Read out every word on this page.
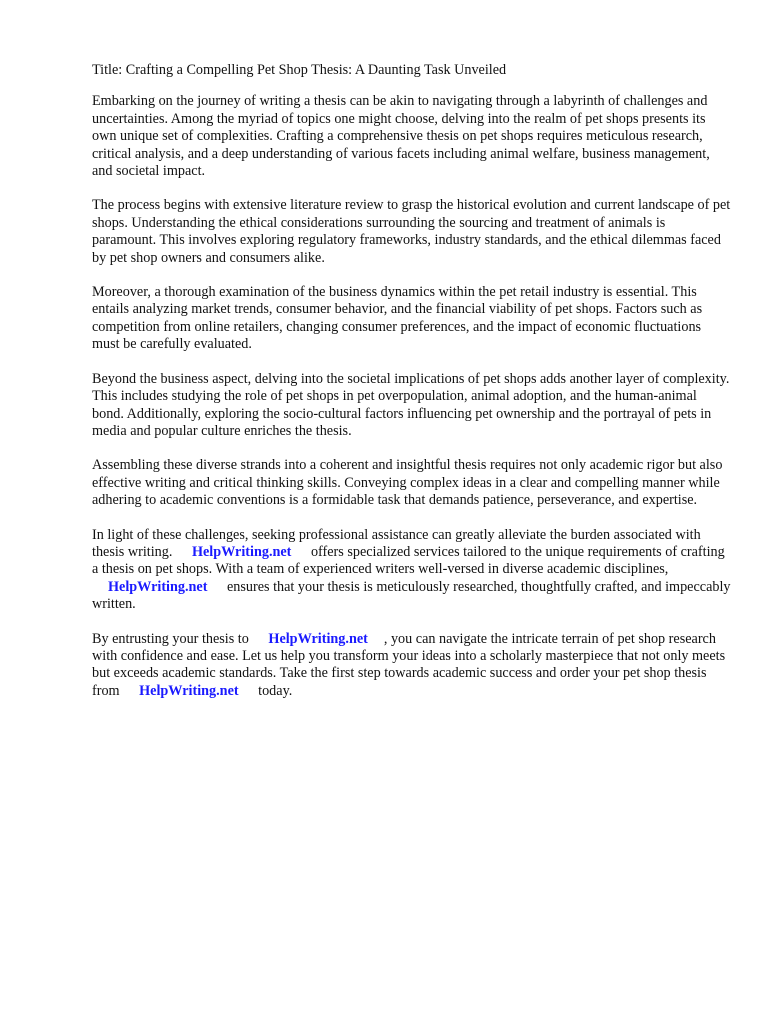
Title: Crafting a Compelling Pet Shop Thesis: A Daunting Task Unveiled

Embarking on the journey of writing a thesis can be akin to navigating through a labyrinth of challenges and uncertainties. Among the myriad of topics one might choose, delving into the realm of pet shops presents its own unique set of complexities. Crafting a comprehensive thesis on pet shops requires meticulous research, critical analysis, and a deep understanding of various facets including animal welfare, business management, and societal impact.

The process begins with extensive literature review to grasp the historical evolution and current landscape of pet shops. Understanding the ethical considerations surrounding the sourcing and treatment of animals is paramount. This involves exploring regulatory frameworks, industry standards, and the ethical dilemmas faced by pet shop owners and consumers alike.

Moreover, a thorough examination of the business dynamics within the pet retail industry is essential. This entails analyzing market trends, consumer behavior, and the financial viability of pet shops. Factors such as competition from online retailers, changing consumer preferences, and the impact of economic fluctuations must be carefully evaluated.

Beyond the business aspect, delving into the societal implications of pet shops adds another layer of complexity. This includes studying the role of pet shops in pet overpopulation, animal adoption, and the human-animal bond. Additionally, exploring the socio-cultural factors influencing pet ownership and the portrayal of pets in media and popular culture enriches the thesis.

Assembling these diverse strands into a coherent and insightful thesis requires not only academic rigor but also effective writing and critical thinking skills. Conveying complex ideas in a clear and compelling manner while adhering to academic conventions is a formidable task that demands patience, perseverance, and expertise.

In light of these challenges, seeking professional assistance can greatly alleviate the burden associated with thesis writing. HelpWriting.net offers specialized services tailored to the unique requirements of crafting a thesis on pet shops. With a team of experienced writers well-versed in diverse academic disciplines, HelpWriting.net ensures that your thesis is meticulously researched, thoughtfully crafted, and impeccably written.

By entrusting your thesis to HelpWriting.net , you can navigate the intricate terrain of pet shop research with confidence and ease. Let us help you transform your ideas into a scholarly masterpiece that not only meets but exceeds academic standards. Take the first step towards academic success and order your pet shop thesis from HelpWriting.net today.
